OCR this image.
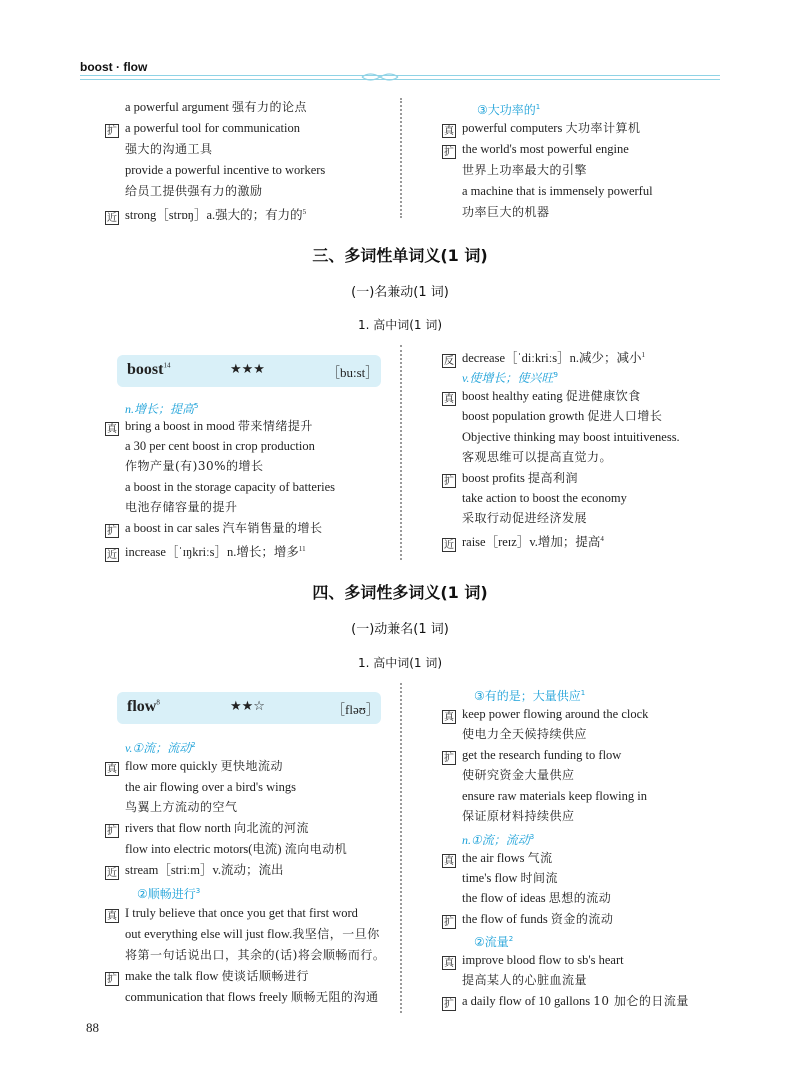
boost · flow
a powerful argument 强有力的论点
扩 a powerful tool for communication
强大的沟通工具
provide a powerful incentive to workers
给员工提供强有力的激励
近 strong［strɒŋ］a.强大的；有力的$^5$
③大功率的$^1$
真 powerful computers 大功率计算机
扩 the world's most powerful engine
世界上功率最大的引擎
a machine that is immensely powerful
功率巨大的机器
三、多词性单词义(1 词)
(一)名兼动(1 词)
1. 高中词(1 词)
boost$^{14}$	★★★	［bu:st］
n.增长；提高$^5$
真 bring a boost in mood 带来情绪提升
a 30 per cent boost in crop production
作物产量(有)30%的增长
a boost in the storage capacity of batteries
电池存储容量的提升
扩 a boost in car sales 汽车销售量的增长
近 increase［ˈɪŋkriːs］n.增长；增多$^{11}$
反 decrease［ˈdiːkriːs］n.减少；减小$^1$
v.使增长；使兴旺$^9$
真 boost healthy eating 促进健康饮食
boost population growth 促进人口增长
Objective thinking may boost intuitiveness.
客观思维可以提高直觉力。
扩 boost profits 提高利润
take action to boost the economy
采取行动促进经济发展
近 raise［reɪz］v.增加；提高$^4$
四、多词性多词义(1 词)
(一)动兼名(1 词)
1. 高中词(1 词)
flow$^8$	★★☆	［fləʊ］
v.①流；流动$^2$
真 flow more quickly 更快地流动
the air flowing over a bird's wings
鸟翼上方流动的空气
扩 rivers that flow north 向北流的河流
flow into electric motors(电流) 流向电动机
近 stream［striːm］v.流动；流出
②顺畅进行$^3$
真 I truly believe that once you get that first word
out everything else will just flow.我坚信，一旦你
将第一句话说出口，其余的(话)将会顺畅而行。
扩 make the talk flow 使谈话顺畅进行
communication that flows freely 顺畅无阻的沟通
③有的是；大量供应$^1$
真 keep power flowing around the clock
使电力全天候持续供应
扩 get the research funding to flow
使研究资金大量供应
ensure raw materials keep flowing in
保证原材料持续供应
n.①流；流动$^3$
真 the air flows 气流
time's flow 时间流
the flow of ideas 思想的流动
扩 the flow of funds 资金的流动
②流量$^2$
真 improve blood flow to sb's heart
提高某人的心脏血流量
扩 a daily flow of 10 gallons 10 加仑的日流量
88
